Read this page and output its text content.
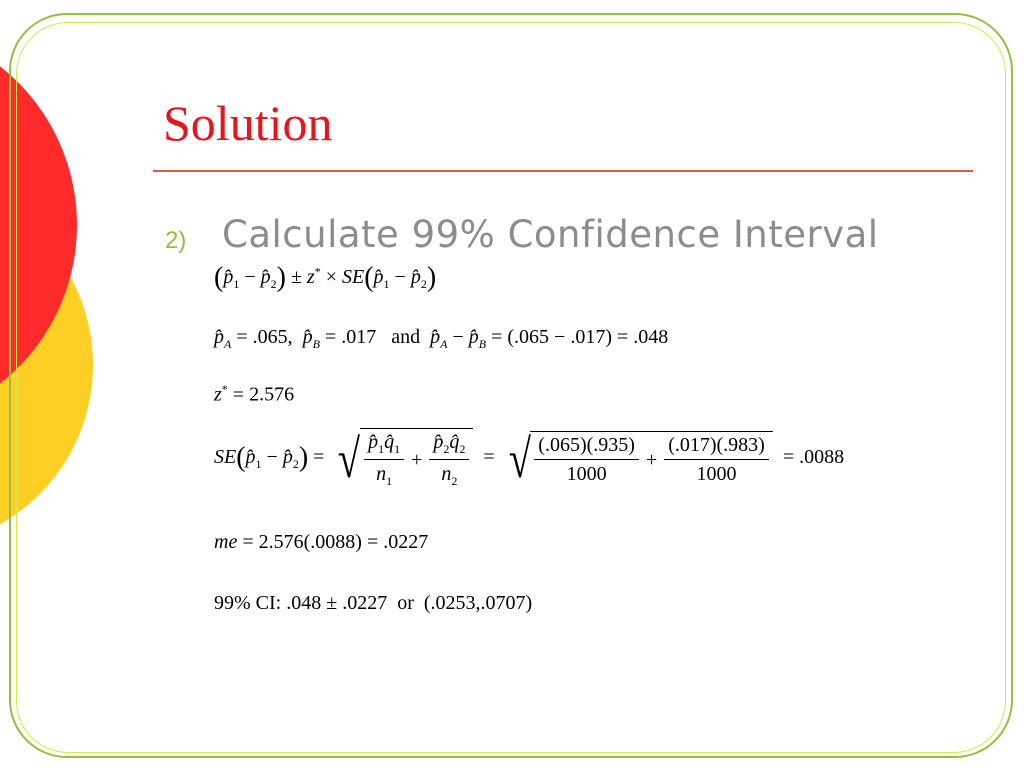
Solution
2) Calculate 99% Confidence Interval
($p̂_1$ − $p̂_2) \pm z^*$ × $SE(p̂_1$ − $p̂_2$)
$p̂_A = .065$, $p̂_B = .017$ and $p̂_A$ − $p̂_B = (.065 - .017) = .048$
z* = 2.576
$SE(p̂_1$ − $p̂_2$) = √ $\frac{p̂_1q̂_1}{n_1} + \frac{p̂_2q̂_2}{n_2}$ = √ $\frac{(.065)(.935)}{1000} + \frac{(.017)(.983)}{1000} = .0088$
me = 2.576(.0088) = .0227
99% CI: .048 ± .0227 or (.0253,.0707)
